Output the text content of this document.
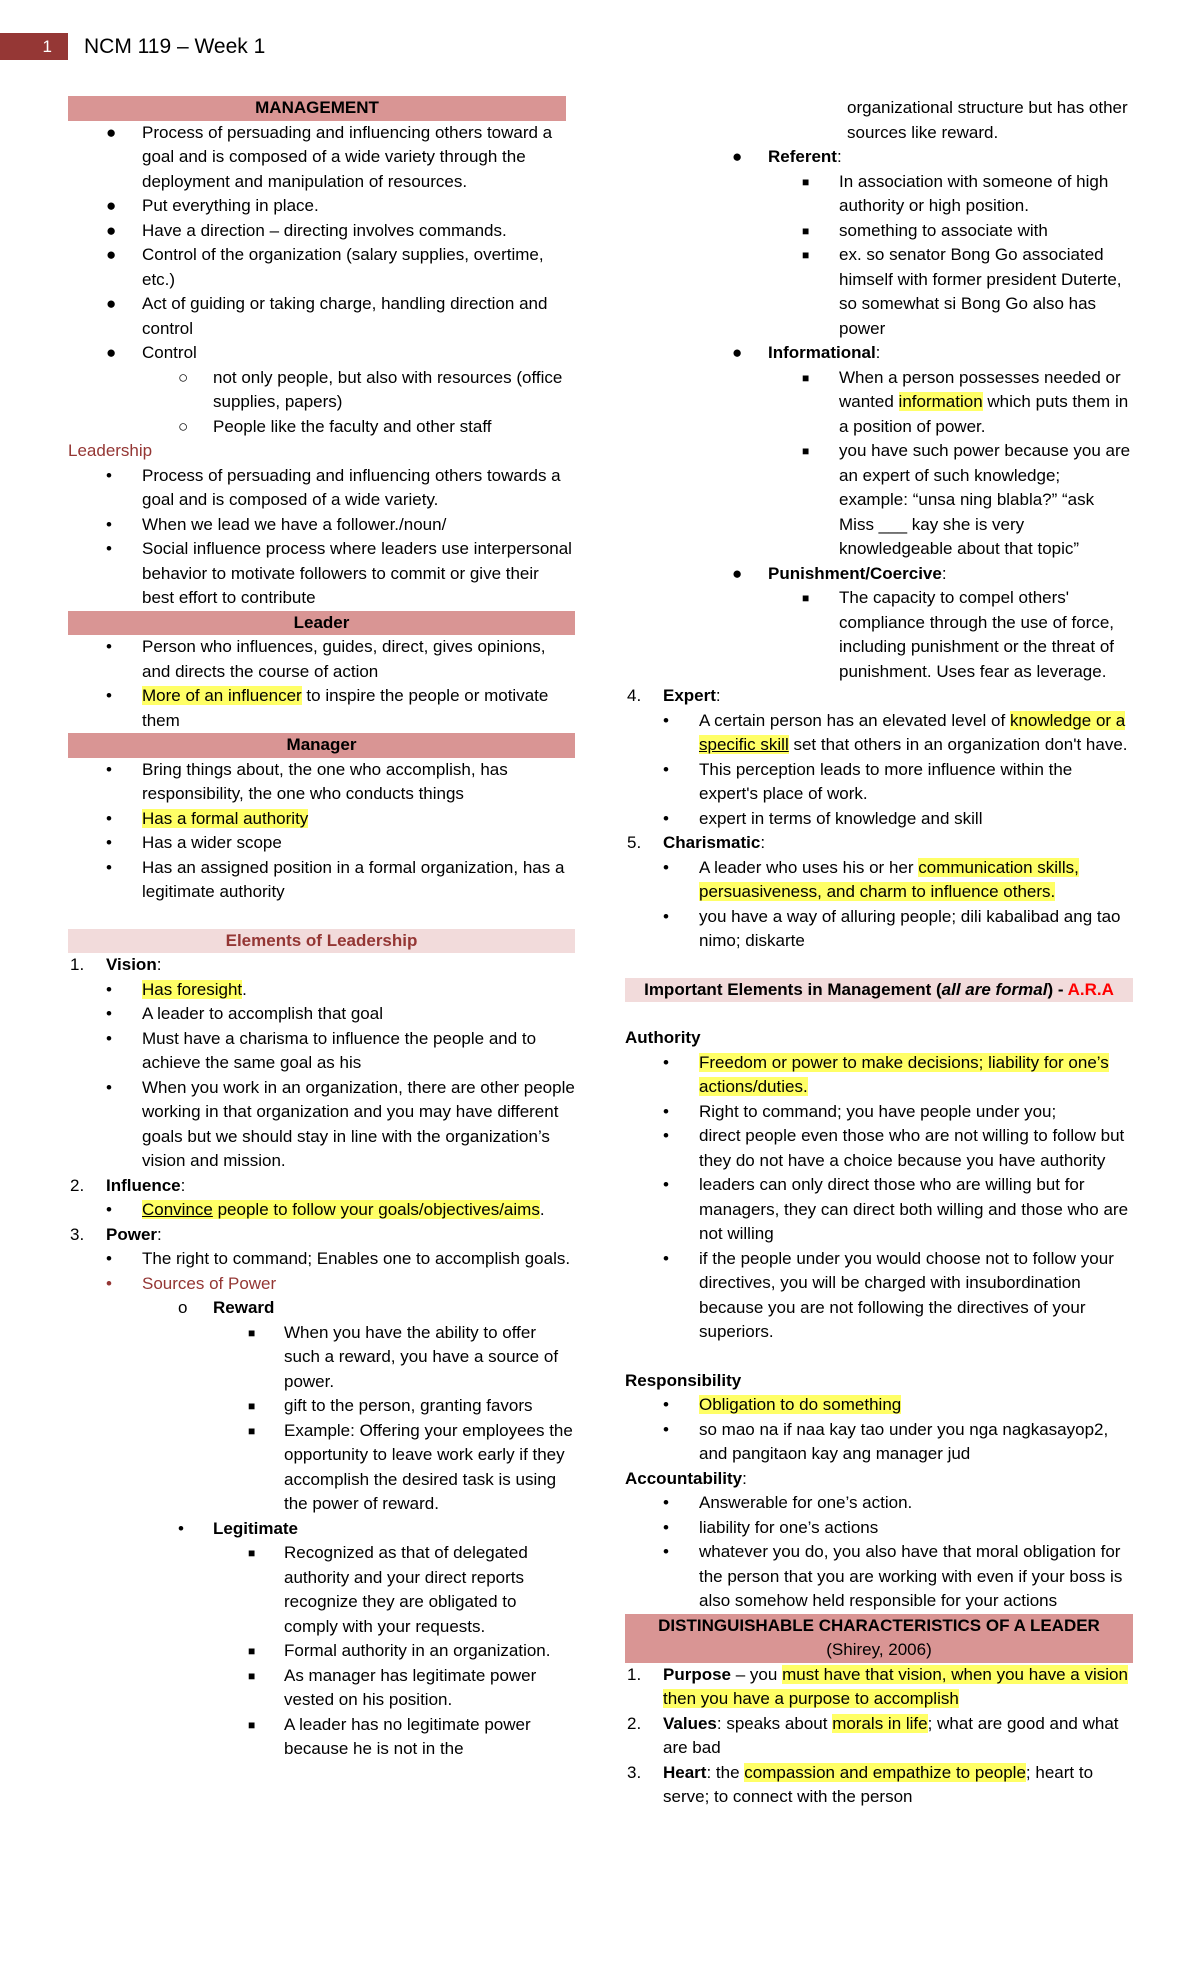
1	NCM 119 – Week 1
MANAGEMENT
● Process of persuading and influencing others toward a goal and is composed of a wide variety through the deployment and manipulation of resources.
● Put everything in place.
● Have a direction – directing involves commands.
● Control of the organization (salary supplies, overtime, etc.)
● Act of guiding or taking charge, handling direction and control
● Control
○ not only people, but also with resources (office supplies, papers)
○ People like the faculty and other staff
Leadership
• Process of persuading and influencing others towards a goal and is composed of a wide variety.
• When we lead we have a follower./noun/
• Social influence process where leaders use interpersonal behavior to motivate followers to commit or give their best effort to contribute
Leader
• Person who influences, guides, direct, gives opinions, and directs the course of action
• More of an influencer to inspire the people or motivate them
Manager
• Bring things about, the one who accomplish, has responsibility, the one who conducts things
• Has a formal authority
• Has a wider scope
• Has an assigned position in a formal organization, has a legitimate authority
Elements of Leadership
1. Vision:
• Has foresight.
• A leader to accomplish that goal
• Must have a charisma to influence the people and to achieve the same goal as his
• When you work in an organization, there are other people working in that organization and you may have different goals but we should stay in line with the organization’s vision and mission.
2. Influence:
• Convince people to follow your goals/objectives/aims.
3. Power:
• The right to command; Enables one to accomplish goals.
• Sources of Power
o Reward
■ When you have the ability to offer such a reward, you have a source of power.
■ gift to the person, granting favors
■ Example: Offering your employees the opportunity to leave work early if they accomplish the desired task is using the power of reward.
• Legitimate
■ Recognized as that of delegated authority and your direct reports recognize they are obligated to comply with your requests.
■ Formal authority in an organization.
■ As manager has legitimate power vested on his position.
■ A leader has no legitimate power because he is not in the
organizational structure but has other sources like reward.
● Referent:
■ In association with someone of high authority or high position.
■ something to associate with
■ ex. so senator Bong Go associated himself with former president Duterte, so somewhat si Bong Go also has power
● Informational:
■ When a person possesses needed or wanted information which puts them in a position of power.
■ you have such power because you are an expert of such knowledge; example: “unsa ning blabla?” “ask Miss ___ kay she is very knowledgeable about that topic”
● Punishment/Coercive:
■ The capacity to compel others' compliance through the use of force, including punishment or the threat of punishment. Uses fear as leverage.
4. Expert:
• A certain person has an elevated level of knowledge or a specific skill set that others in an organization don't have.
• This perception leads to more influence within the expert's place of work.
• expert in terms of knowledge and skill
5. Charismatic:
• A leader who uses his or her communication skills, persuasiveness, and charm to influence others.
• you have a way of alluring people; dili kabalibad ang tao nimo; diskarte
Important Elements in Management (all are formal) - A.R.A
Authority
• Freedom or power to make decisions; liability for one’s actions/duties.
• Right to command; you have people under you;
• direct people even those who are not willing to follow but they do not have a choice because you have authority
• leaders can only direct those who are willing but for managers, they can direct both willing and those who are not willing
• if the people under you would choose not to follow your directives, you will be charged with insubordination because you are not following the directives of your superiors.
Responsibility
• Obligation to do something
• so mao na if naa kay tao under you nga nagkasayop2, and pangitaon kay ang manager jud
Accountability:
• Answerable for one’s action.
• liability for one’s actions
• whatever you do, you also have that moral obligation for the person that you are working with even if your boss is also somehow held responsible for your actions
DISTINGUISHABLE CHARACTERISTICS OF A LEADER (Shirey, 2006)
1. Purpose – you must have that vision, when you have a vision then you have a purpose to accomplish
2. Values: speaks about morals in life; what are good and what are bad
3. Heart: the compassion and empathize to people; heart to serve; to connect with the person
